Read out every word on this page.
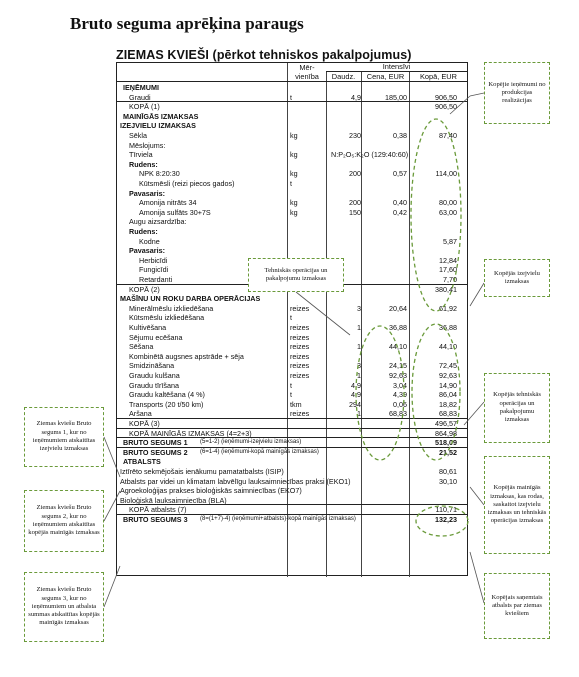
Bruto seguma aprēķina paraugs
ZIEMAS KVIEŠI (pērkot tehniskos pakalpojumus)
Mēr-
vienība
Intensīvi
Daudz.	Cena, EUR	Kopā, EUR
IEŅĒMUMI
Graudi	t	4,9	185,00	906,50
KOPĀ (1)	906,50
MAINĪGĀS IZMAKSAS
IZEJVIELU IZMAKSAS
Sēkla	kg	230	0,38	87,40
Mēslojums:
Tīrviela	kg	N:P₂O₅:K₂O (129:40:60)
Rudens:
NPK 8:20:30	kg	200	0,57	114,00
Kūtsmēsli (reizi piecos gados)	t
Pavasaris:
Amonija nitrāts 34	kg	200	0,40	80,00
Amonija sulfāts 30+7S	kg	150	0,42	63,00
Augu aizsardzība:
Rudens:
Kodne	5,87
Pavasaris:
Herbicīdi	12,84
Fungicīdi	17,60
Retardanti	7,70
KOPĀ (2)	380,41
MAŠĪNU UN ROKU DARBA OPERĀCIJAS
Minerālmēslu izkliedēšana	reizes	3	20,64	61,92
Kūtsmēslu izkliedēšana	t
Kultivēšana	reizes	1	36,88	36,88
Sējumu ecēšana	reizes
Sēšana	reizes	1	44,10	44,10
Kombinētā augsnes apstrāde + sēja	reizes
Smidzināšana	reizes	3	24,15	72,45
Graudu kulšana	reizes	1	92,63	92,63
Graudu tīrīšana	t	4,9	3,04	14,90
Graudu kaltēšana (4 %)	t	4,9	4,39	86,04
Transports (20 t/50 km)	tkm	294	0,06	18,82
Aršana	reizes	1	68,83	68,83
KOPĀ (3)	496,57
KOPĀ MAINĪGĀS IZMAKSAS (4=2+3)	864,98
BRUTO SEGUMS 1	(5=1-2) (ieņēmumi-izejvielu izmaksas)	518,09
BRUTO SEGUMS 2	(6=1-4) (ieņēmumi-kopā mainīgās izmaksas)	21,52
ATBALSTS
Iztīrēto sekmējošais ienākumu pamatatbalsts (ISIP)	80,61
Atbalsts par videi un klimatam labvēlīgu lauksaimniecības praksi (EKO1)	30,10
Agroekoloģijas prakses bioloģiskās saimniecības (EKO7)
Bioloģiskā lauksaimniecība (BLA)
KOPĀ atbalsts (7)	110,71
BRUTO SEGUMS 3	(8=(1+7)-4) (ieņēmumi+atbalsts)-kopā mainīgās izmaksas)	132,23
Kopējie ieņēmumi no produkcijas realizācijas
Tehniskās operācijas un pakalpojumu izmaksas
Kopējās izejvielu izmaksas
Kopējās tehniskās operācijas un pakalpojumu izmaksas
Kopējās mainīgās izmaksas, kas rodas, saskaitot izejvielu izmaksas un tehniskās operācijas izmaksas
Kopējais saņemtais atbalsts par ziemas kviešiem
Ziemas kviešu Bruto segums 1, kur no ieņēmumiem atskaitītas izejvielu izmaksas
Ziemas kviešu Bruto segums 2, kur no ieņēmumiem atskaitītas kopējās mainīgās izmaksas
Ziemas kviešu Bruto segums 3, kur no ieņēmumiem un atbalsta summas atskaitītas kopējās mainīgās izmaksas
